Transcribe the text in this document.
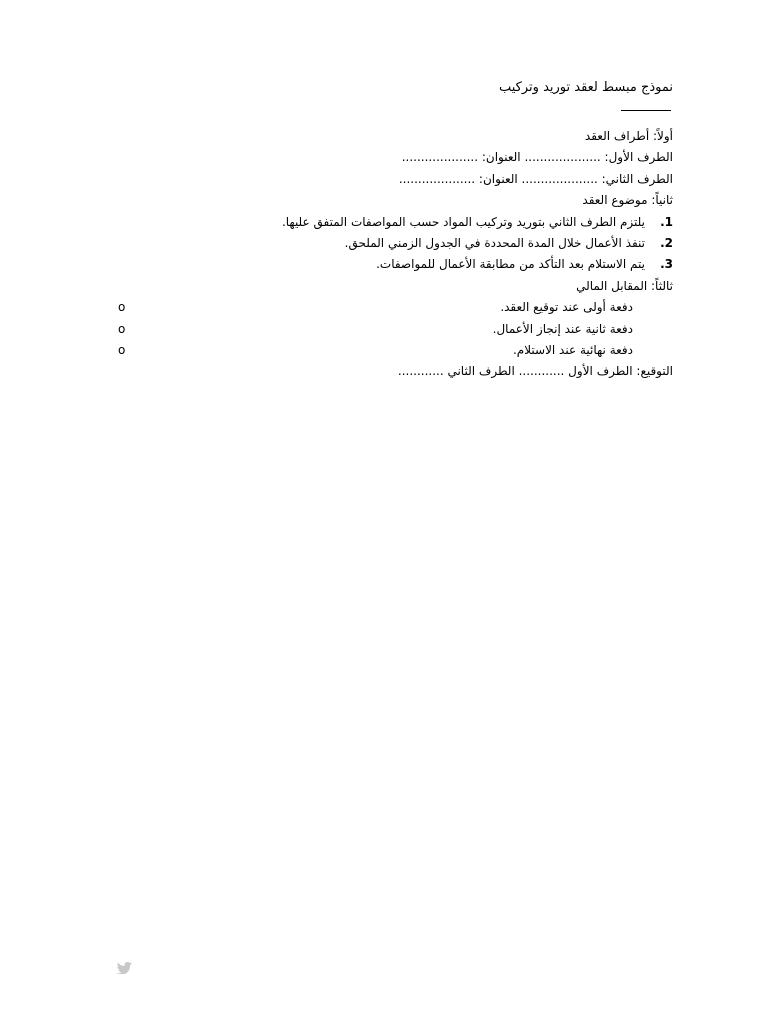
نموذج مبسط لعقد توريد وتركيب

أولاً: أطراف العقد

الطرف الأول: .................... العنوان: ....................

الطرف الثاني: .................... العنوان: ....................

ثانياً: موضوع العقد

1.يلتزم الطرف الثاني بتوريد وتركيب المواد حسب المواصفات المتفق عليها.

2.تنفذ الأعمال خلال المدة المحددة في الجدول الزمني الملحق.

3.يتم الاستلام بعد التأكد من مطابقة الأعمال للمواصفات.

ثالثاً: المقابل المالي

دفعة أولى عند توقيع العقد.
o

دفعة ثانية عند إنجاز الأعمال.
o

دفعة نهائية عند الاستلام.
o

التوقيع: الطرف الأول ............ الطرف الثاني ............
